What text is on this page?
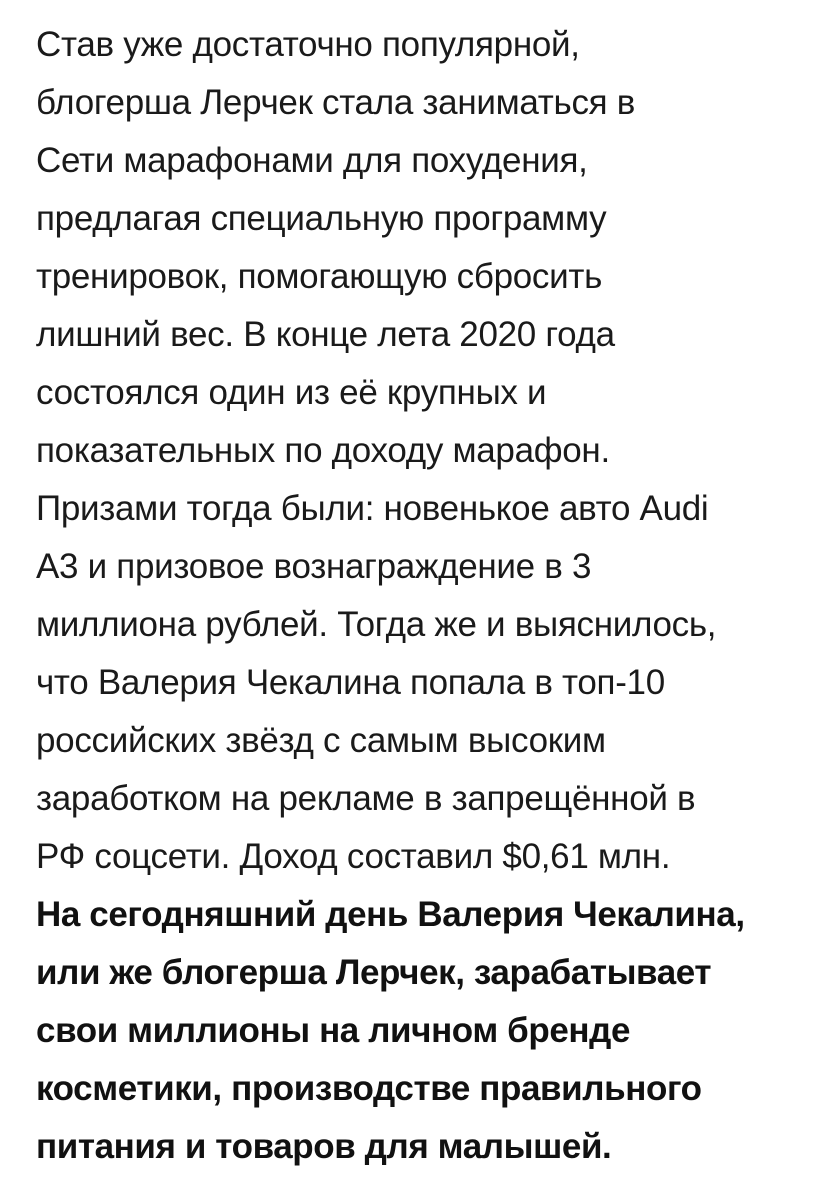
Став уже достаточно популярной,
блогерша Лерчек стала заниматься в
Сети марафонами для похудения,
предлагая специальную программу
тренировок, помогающую сбросить
лишний вес. В конце лета 2020 года
состоялся один из её крупных и
показательных по доходу марафон.
Призами тогда были: новенькое авто Audi
A3 и призовое вознаграждение в 3
миллиона рублей. Тогда же и выяснилось,
что Валерия Чекалина попала в топ-10
российских звёзд с самым высоким
заработком на рекламе в запрещённой в
РФ соцсети. Доход составил $0,61 млн.
На сегодняшний день Валерия Чекалина,
или же блогерша Лерчек, зарабатывает
свои миллионы на личном бренде
косметики, производстве правильного
питания и товаров для малышей.
